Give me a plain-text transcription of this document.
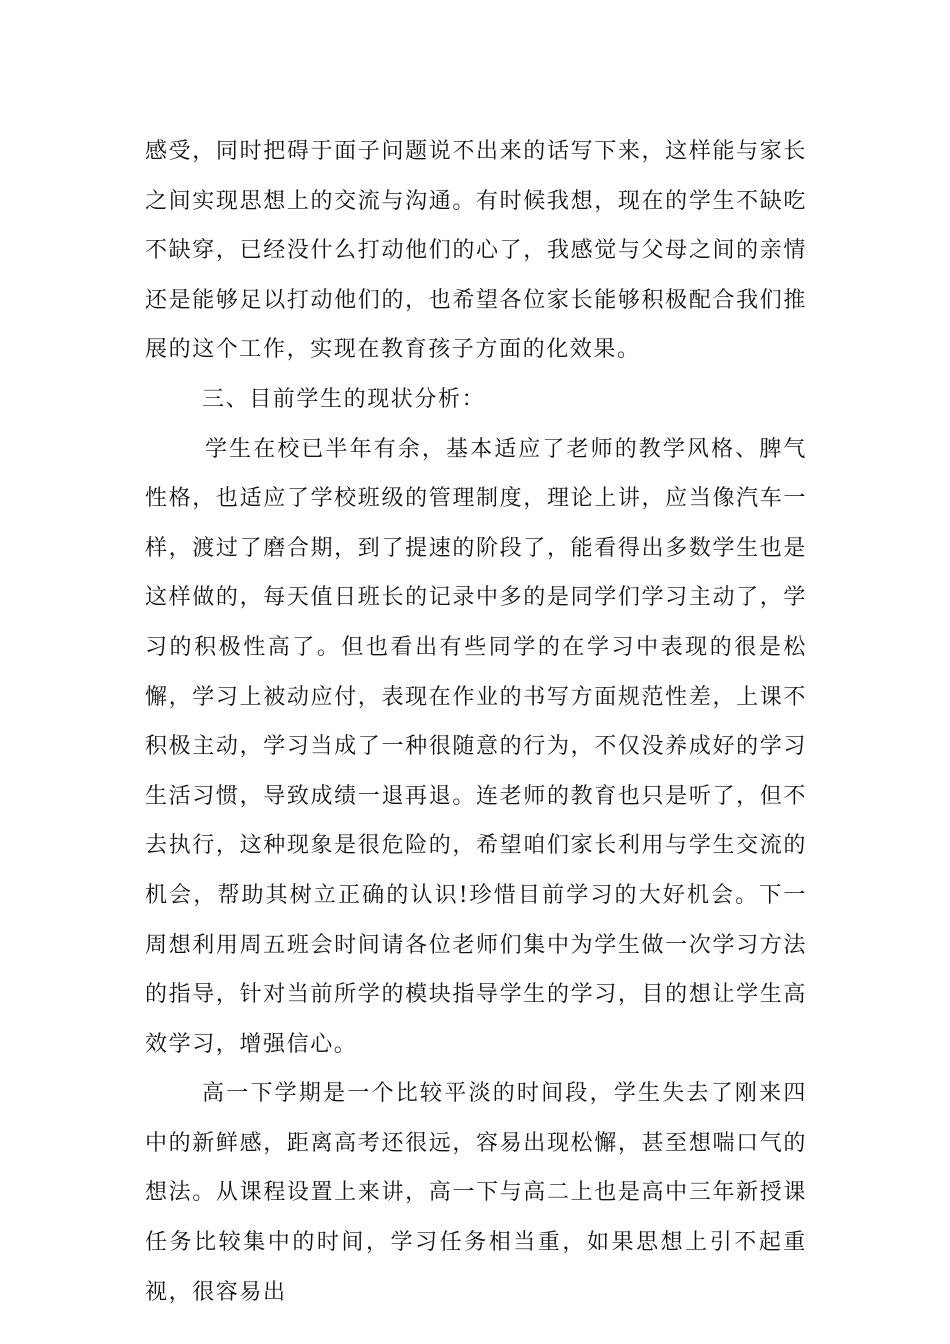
感受，同时把碍于面子问题说不出来的话写下来，这样能与家长之间实现思想上的交流与沟通。有时候我想，现在的学生不缺吃不缺穿，已经没什么打动他们的心了，我感觉与父母之间的亲情还是能够足以打动他们的，也希望各位家长能够积极配合我们推展的这个工作，实现在教育孩子方面的化效果。

三、目前学生的现状分析：

学生在校已半年有余，基本适应了老师的教学风格、脾气性格，也适应了学校班级的管理制度，理论上讲，应当像汽车一样，渡过了磨合期，到了提速的阶段了，能看得出多数学生也是这样做的，每天值日班长的记录中多的是同学们学习主动了，学习的积极性高了。但也看出有些同学的在学习中表现的很是松懈，学习上被动应付，表现在作业的书写方面规范性差，上课不积极主动，学习当成了一种很随意的行为，不仅没养成好的学习生活习惯，导致成绩一退再退。连老师的教育也只是听了，但不去执行，这种现象是很危险的，希望咱们家长利用与学生交流的机会，帮助其树立正确的认识!珍惜目前学习的大好机会。下一周想利用周五班会时间请各位老师们集中为学生做一次学习方法的指导，针对当前所学的模块指导学生的学习，目的想让学生高效学习，增强信心。

高一下学期是一个比较平淡的时间段，学生失去了刚来四中的新鲜感，距离高考还很远，容易出现松懈，甚至想喘口气的想法。从课程设置上来讲，高一下与高二上也是高中三年新授课任务比较集中的时间，学习任务相当重，如果思想上引不起重视，很容易出
